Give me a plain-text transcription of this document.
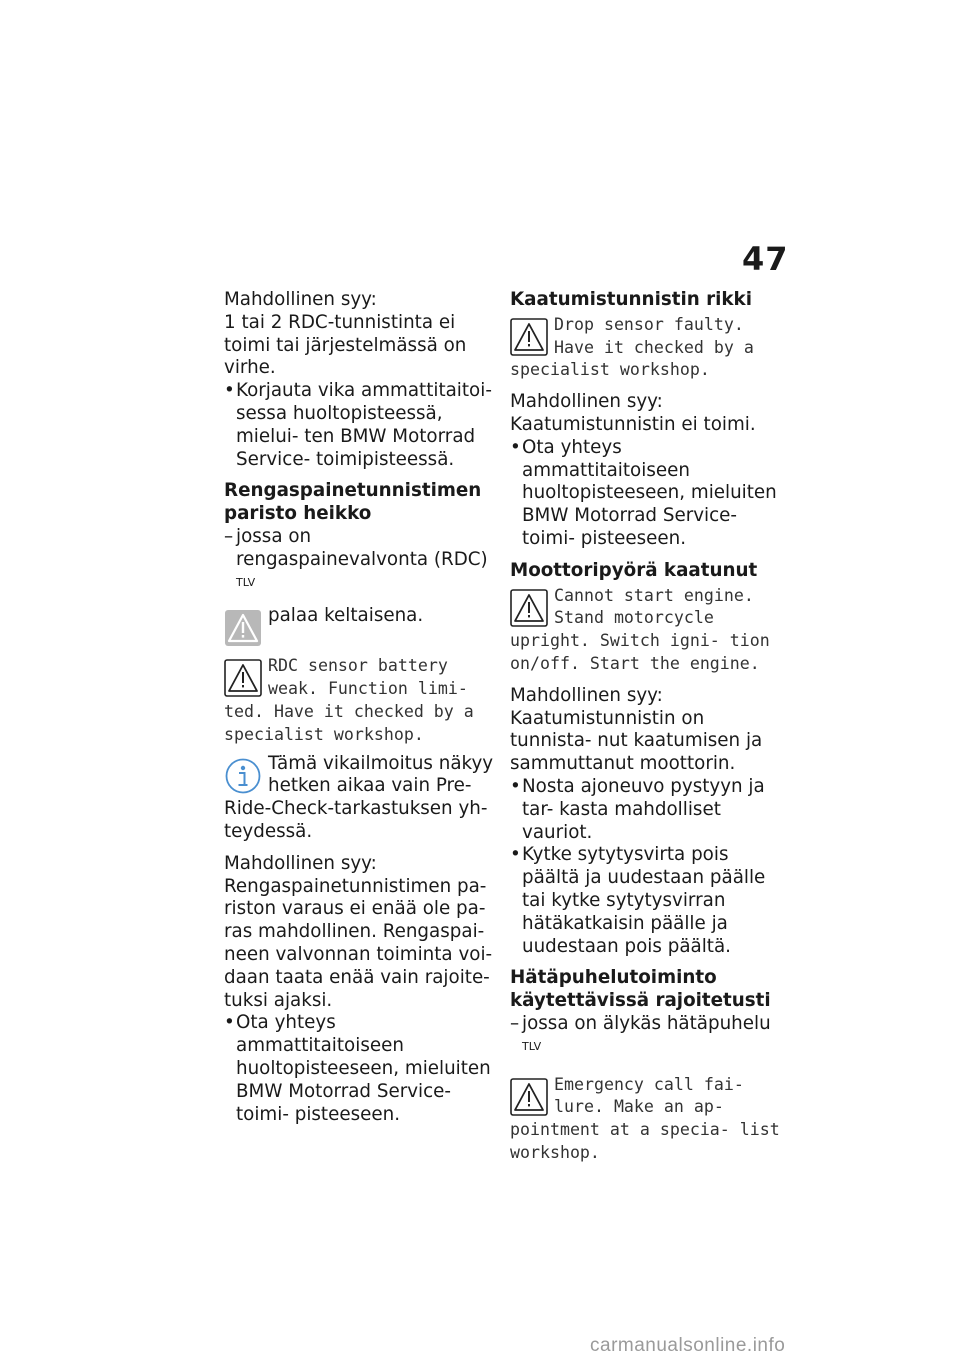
47

Mahdollinen syy:

1 tai 2 RDC-tunnistinta ei toimi tai järjestelmässä on virhe.

• Korjauta vika ammattitaitoi- sessa huoltopisteessä, mielui- ten BMW Motorrad Service- toimipisteessä.

Rengaspainetunnistimen paristo heikko

– jossa on rengaspainevalvonta (RDC) $^{TLV}$

palaa keltaisena.

RDC sensor battery weak. Function limi- ted. Have it checked by a specialist workshop.

Tämä vikailmoitus näkyy hetken aikaa vain Pre- Ride-Check-tarkastuksen yh- teydessä.

Mahdollinen syy:

Rengaspainetunnistimen pa- riston varaus ei enää ole pa- ras mahdollinen. Rengaspai- neen valvonnan toiminta voi- daan taata enää vain rajoite- tuksi ajaksi.

• Ota yhteys ammattitaitoiseen huoltopisteeseen, mieluiten BMW Motorrad Service-toimi- pisteeseen.

Kaatumistunnistin rikki

Drop sensor faulty. Have it checked by a specialist workshop.

Mahdollinen syy:

Kaatumistunnistin ei toimi.

• Ota yhteys ammattitaitoiseen huoltopisteeseen, mieluiten BMW Motorrad Service-toimi- pisteeseen.

Moottoripyörä kaatunut

Cannot start engine. Stand motorcycle upright. Switch igni- tion on/off. Start the engine.

Mahdollinen syy:

Kaatumistunnistin on tunnista- nut kaatumisen ja sammuttanut moottorin.

• Nosta ajoneuvo pystyyn ja tar- kasta mahdolliset vauriot.

• Kytke sytytysvirta pois päältä ja uudestaan päälle tai kytke sytytysvirran hätäkatkaisin päälle ja uudestaan pois päältä.

Hätäpuhelutoiminto käytettävissä rajoitetusti

– jossa on älykäs hätäpuhelu $^{TLV}$

Emergency call fai- lure. Make an ap- pointment at a specia- list workshop.

carmanualsonline.info
